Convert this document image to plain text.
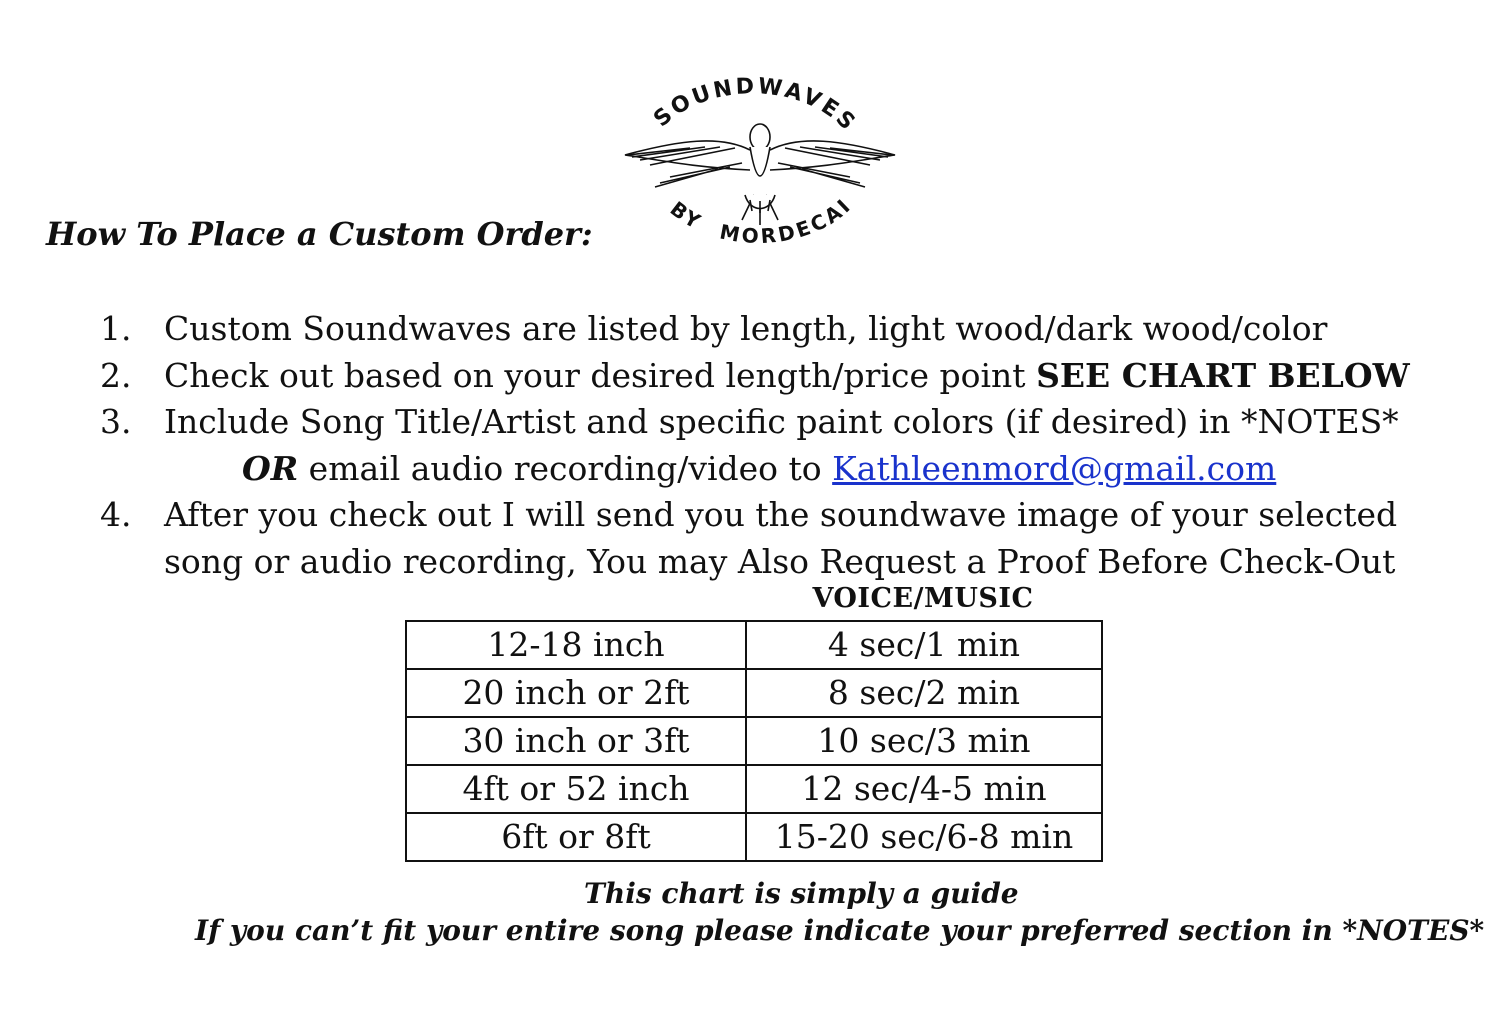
SOUNDWAVES
BY MORDECAI
How To Place a Custom Order:
1. Custom Soundwaves are listed by length, light wood/dark wood/color
2. Check out based on your desired length/price point SEE CHART BELOW
3. Include Song Title/Artist and specific paint colors (if desired) in *NOTES*
OR email audio recording/video to Kathleenmord@gmail.com
4. After you check out I will send you the soundwave image of your selected
song or audio recording, You may Also Request a Proof Before Check-Out
VOICE/MUSIC
12-18 inch	4 sec/1 min
20 inch or 2ft	8 sec/2 min
30 inch or 3ft	10 sec/3 min
4ft or 52 inch	12 sec/4-5 min
6ft or 8ft	15-20 sec/6-8 min
This chart is simply a guide
If you can’t fit your entire song please indicate your preferred section in *NOTES*
